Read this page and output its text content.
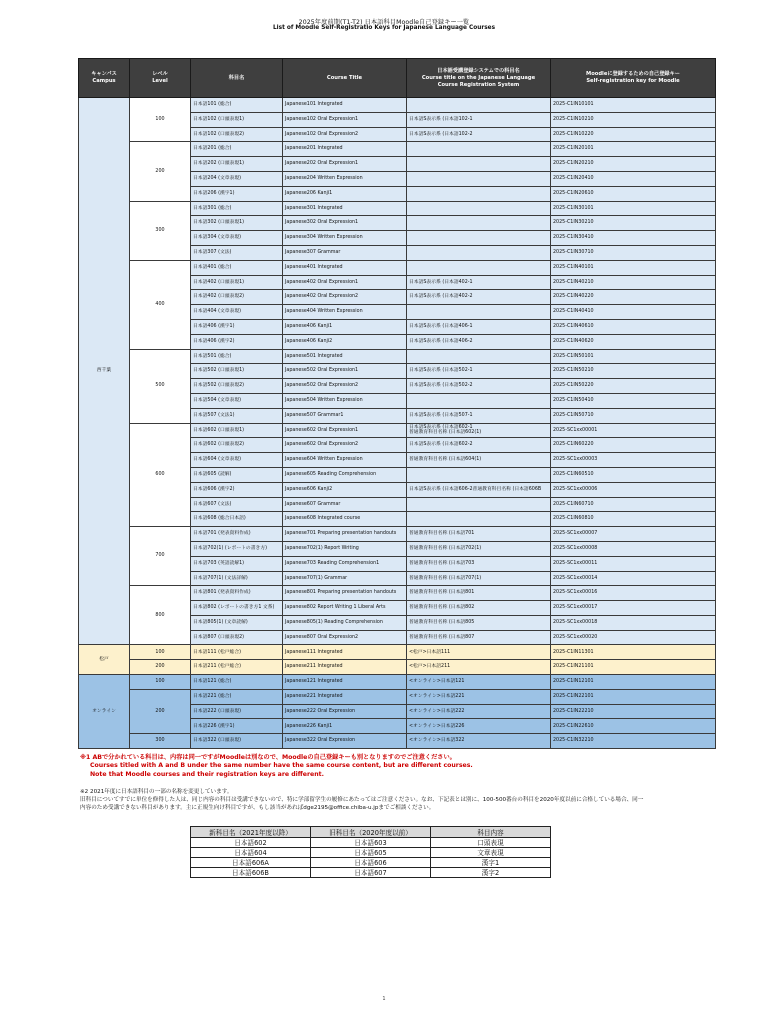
2025年度前期(T1-T2) 日本語科目Moodle自己登録キー一覧
List of Moodle Self-Registratio Keys for Japanese Language Courses
キャンパス
Campus	レベル
Level	科目名	Course Title	日本語受講登録システムでの科目名
Course title on the Japanese Language
Course Registration System	Moodleに登録するための自己登録キー
Self-registration key for Moodle
西千葉	100	日本語101 (総合)	Japanese101 Integrated		2025-C1IN10101
		日本語102 (口頭表現1)	Japanese102 Oral Expression1	日本語S表示系 (日本語102-1	2025-C1IN10210
		日本語102 (口頭表現2)	Japanese102 Oral Expression2	日本語S表示系 (日本語102-2	2025-C1IN10220
	200	日本語201 (総合)	Japanese201 Integrated		2025-C1IN20101
		日本語202 (口頭表現1)	Japanese202 Oral Expression1		2025-C1IN20210
		日本語204 (文章表現)	Japanese204 Written Expression		2025-C1IN20410
		日本語206 (漢字1)	Japanese206 Kanji1		2025-C1IN20610
	300	日本語301 (総合)	Japanese301 Integrated		2025-C1IN30101
		日本語302 (口頭表現1)	Japanese302 Oral Expression1		2025-C1IN30210
		日本語304 (文章表現)	Japanese304 Written Expression		2025-C1IN30410
		日本語307 (文法)	Japanese307 Grammar		2025-C1IN30710
	400	日本語401 (総合)	Japanese401 Integrated		2025-C1IN40101
		日本語402 (口頭表現1)	Japanese402 Oral Expression1	日本語S表示系 (日本語402-1	2025-C1IN40210
		日本語402 (口頭表現2)	Japanese402 Oral Expression2	日本語S表示系 (日本語402-2	2025-C1IN40220
		日本語404 (文章表現)	Japanese404 Written Expression		2025-C1IN40410
		日本語406 (漢字1)	Japanese406 Kanji1	日本語S表示系 (日本語406-1	2025-C1IN40610
		日本語406 (漢字2)	Japanese406 Kanji2	日本語S表示系 (日本語406-2	2025-C1IN40620
	500	日本語501 (総合)	Japanese501 Integrated		2025-C1IN50101
		日本語502 (口頭表現1)	Japanese502 Oral Expression1	日本語S表示系 (日本語502-1	2025-C1IN50210
		日本語502 (口頭表現2)	Japanese502 Oral Expression2	日本語S表示系 (日本語502-2	2025-C1IN50220
		日本語504 (文章表現)	Japanese504 Written Expression		2025-C1IN50410
		日本語507 (文法1)	Japanese507 Grammar1	日本語S表示系 (日本語507-1	2025-C1IN50710
	600	日本語602 (口頭表現1)	Japanese602 Oral Expression1	日本語S表示系 (日本語602-1
普通教育科目名称 (日本語602(1)	2025-SC1xx00001
		日本語602 (口頭表現2)	Japanese602 Oral Expression2	日本語S表示系 (日本語602-2	2025-C1IN60220
		日本語604 (文章表現)	Japanese604 Written Expression	普通教育科目名称 (日本語604(1)	2025-SC1xx00003
		日本語605 (読解)	Japanese605 Reading Comprehension		2025-C1IN60510
		日本語606 (漢字2)	Japanese606 Kanji2	日本語S表示系 (日本語606-2普通教育科目名称 (日本語606B	2025-SC1xx00006
		日本語607 (文法)	Japanese607 Grammar		2025-C1IN60710
		日本語608 (総合日本語)	Japanese608 Integrated course		2025-C1IN60810
	700	日本語701 (発表資料作成)	Japanese701 Preparing presentation handouts	普通教育科目名称 (日本語701	2025-SC1xx00007
		日本語702(1) (レポートの書き方)	Japanese702(1) Report Writing	普通教育科目名称 (日本語702(1)	2025-SC1xx00008
		日本語703 (英語読解1)	Japanese703 Reading Comprehension1	普通教育科目名称 (日本語703	2025-SC1xx00011
		日本語707(1) (文法詳解)	Japanese707(1) Grammar	普通教育科目名称 (日本語707(1)	2025-SC1xx00014
	800	日本語801 (発表資料作成)	Japanese801 Preparing presentation handouts	普通教育科目名称 (日本語801	2025-SC1xx00016
		日本語802 (レポートの書き方1 文系)	Japanese802 Report Writing 1 Liberal Arts	普通教育科目名称 (日本語802	2025-SC1xx00017
		日本語805(1) (文章読解)	Japanese805(1) Reading Comprehension	普通教育科目名称 (日本語805	2025-SC1xx00018
		日本語807 (口頭表現2)	Japanese807 Oral Expression2	普通教育科目名称 (日本語807	2025-SC1xx00020
松戸	100	日本語111 (松戸総合)	Japanese111 Integrated	<松戸>日本語111	2025-C1IN11301
	200	日本語211 (松戸総合)	Japanese211 Integrated	<松戸>日本語211	2025-C1IN21101
オンライン	100	日本語121 (総合)	Japanese121 Integrated	<オンライン>日本語121	2025-C1IN12101
	200	日本語221 (総合)	Japanese221 Integrated	<オンライン>日本語221	2025-C1IN22101
		日本語222 (口頭表現)	Japanese222 Oral Expression	<オンライン>日本語222	2025-C1IN22210
		日本語226 (漢字1)	Japanese226 Kanji1	<オンライン>日本語226	2025-C1IN22610
	300	日本語322 (口頭表現)	Japanese322 Oral Expression	<オンライン>日本語322	2025-C1IN32210
※1 ABで分かれている科目は、内容は同一ですがMoodleは別なので、Moodleの自己登録キーも別となりますのでご注意ください。
Courses titled with A and B under the same number have the same course content, but are different courses.
Note that Moodle courses and their registration keys are different.
※2 2021年度に日本語科目の一部の名称を変更しています。
旧科目についてすでに単位を修得した人は、同じ内容の科目は受講できないので、特に学部留学生の履修にあたってはご注意ください。なお、下記表とは別に、100-500番台の科目を2020年度以前に合格している場合、同一
内容のため受講できない科目があります。主に正規生向け科目ですが、もし該当があればdge2195@office.chiba-u.jpまでご相談ください。
新科目名（2021年度以降）	旧科目名（2020年度以前）	科目内容
日本語602	日本語603	口頭表現
日本語604	日本語605	文章表現
日本語606A	日本語606	漢字1
日本語606B	日本語607	漢字2
1
